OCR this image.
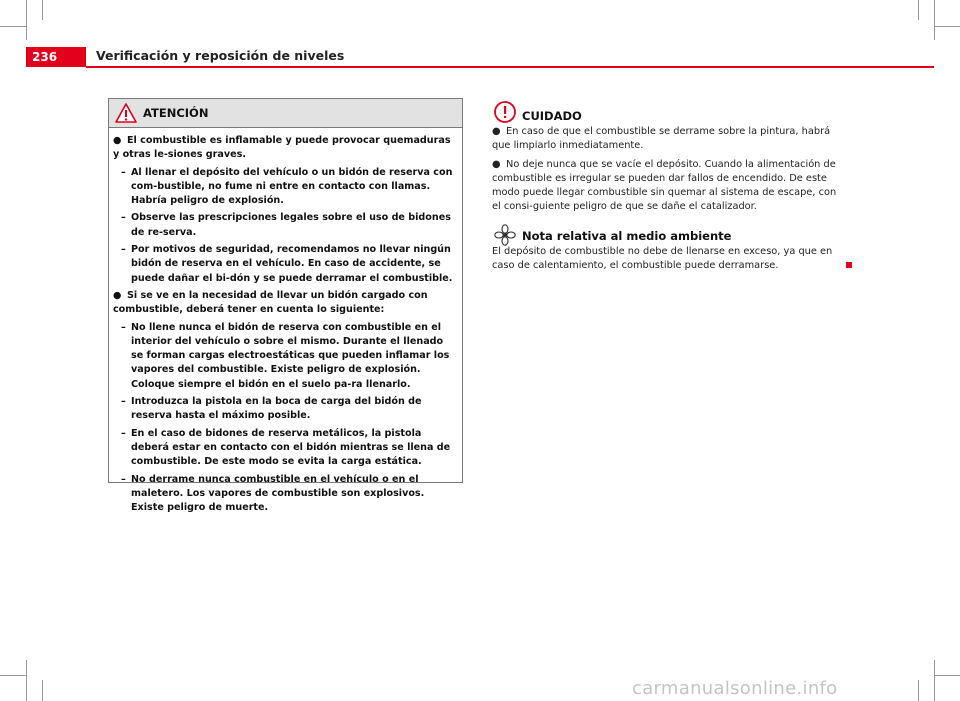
236	Verificación y reposición de niveles
ATENCIÓN
● El combustible es inflamable y puede provocar quemaduras y otras le-siones graves.
– Al llenar el depósito del vehículo o un bidón de reserva con com-bustible, no fume ni entre en contacto con llamas. Habría peligro de explosión.
– Observe las prescripciones legales sobre el uso de bidones de re-serva.
– Por motivos de seguridad, recomendamos no llevar ningún bidón de reserva en el vehículo. En caso de accidente, se puede dañar el bi-dón y se puede derramar el combustible.
● Si se ve en la necesidad de llevar un bidón cargado con combustible, deberá tener en cuenta lo siguiente:
– No llene nunca el bidón de reserva con combustible en el interior del vehículo o sobre el mismo. Durante el llenado se forman cargas electroestáticas que pueden inflamar los vapores del combustible. Existe peligro de explosión. Coloque siempre el bidón en el suelo pa-ra llenarlo.
– Introduzca la pistola en la boca de carga del bidón de reserva hasta el máximo posible.
– En el caso de bidones de reserva metálicos, la pistola deberá estar en contacto con el bidón mientras se llena de combustible. De este modo se evita la carga estática.
– No derrame nunca combustible en el vehículo o en el maletero. Los vapores de combustible son explosivos. Existe peligro de muerte.
CUIDADO

● En caso de que el combustible se derrame sobre la pintura, habrá que limpiarlo inmediatamente.

● No deje nunca que se vacíe el depósito. Cuando la alimentación de combustible es irregular se pueden dar fallos de encendido. De este modo puede llegar combustible sin quemar al sistema de escape, con el consi-guiente peligro de que se dañe el catalizador.

Nota relativa al medio ambiente

El depósito de combustible no debe de llenarse en exceso, ya que en caso de calentamiento, el combustible puede derramarse.

carmanualsonline.info
